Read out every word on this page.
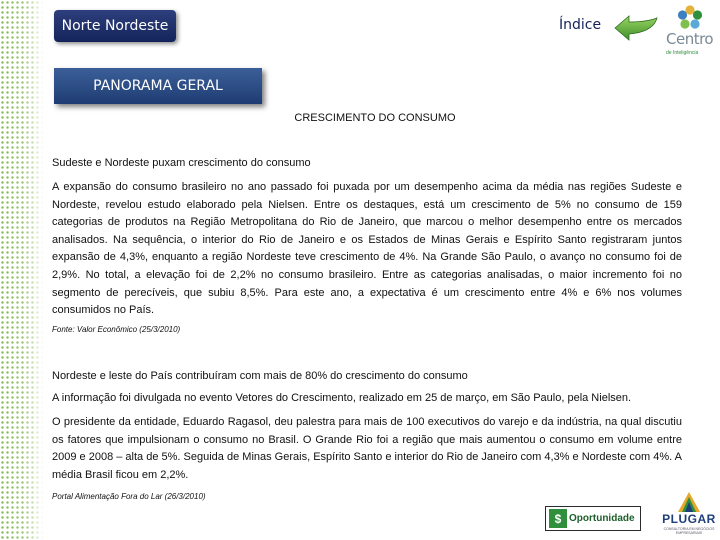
Norte Nordeste	Índice
Centro
de Inteligência
PANORAMA GERAL
CRESCIMENTO DO CONSUMO
Sudeste e Nordeste puxam crescimento do consumo
A expansão do consumo brasileiro no ano passado foi puxada por um desempenho acima da média nas regiões Sudeste e Nordeste, revelou estudo elaborado pela Nielsen. Entre os destaques, está um crescimento de 5% no consumo de 159 categorias de produtos na Região Metropolitana do Rio de Janeiro, que marcou o melhor desempenho entre os mercados analisados. Na sequência, o interior do Rio de Janeiro e os Estados de Minas Gerais e Espírito Santo registraram juntos expansão de 4,3%, enquanto a região Nordeste teve crescimento de 4%. Na Grande São Paulo, o avanço no consumo foi de 2,9%. No total, a elevação foi de 2,2% no consumo brasileiro. Entre as categorias analisadas, o maior incremento foi no segmento de perecíveis, que subiu 8,5%. Para este ano, a expectativa é um crescimento entre 4% e 6% nos volumes consumidos no País.
Fonte: Valor Econômico (25/3/2010)
Nordeste e leste do País contribuíram com mais de 80% do crescimento do consumo
A informação foi divulgada no evento Vetores do Crescimento, realizado em 25 de março, em São Paulo, pela Nielsen.
O presidente da entidade, Eduardo Ragasol, deu palestra para mais de 100 executivos do varejo e da indústria, na qual discutiu os fatores que impulsionam o consumo no Brasil. O Grande Rio foi a região que mais aumentou o consumo em volume entre 2009 e 2008 – alta de 5%. Seguida de Minas Gerais, Espírito Santo e interior do Rio de Janeiro com 4,3% e Nordeste com 4%. A média Brasil ficou em 2,2%.
Portal Alimentação Fora do Lar (26/3/2010)
$ Oportunidade	PLUGAR
CONSULTORIA EM NEGÓCIOS EMPRESARIAIS
